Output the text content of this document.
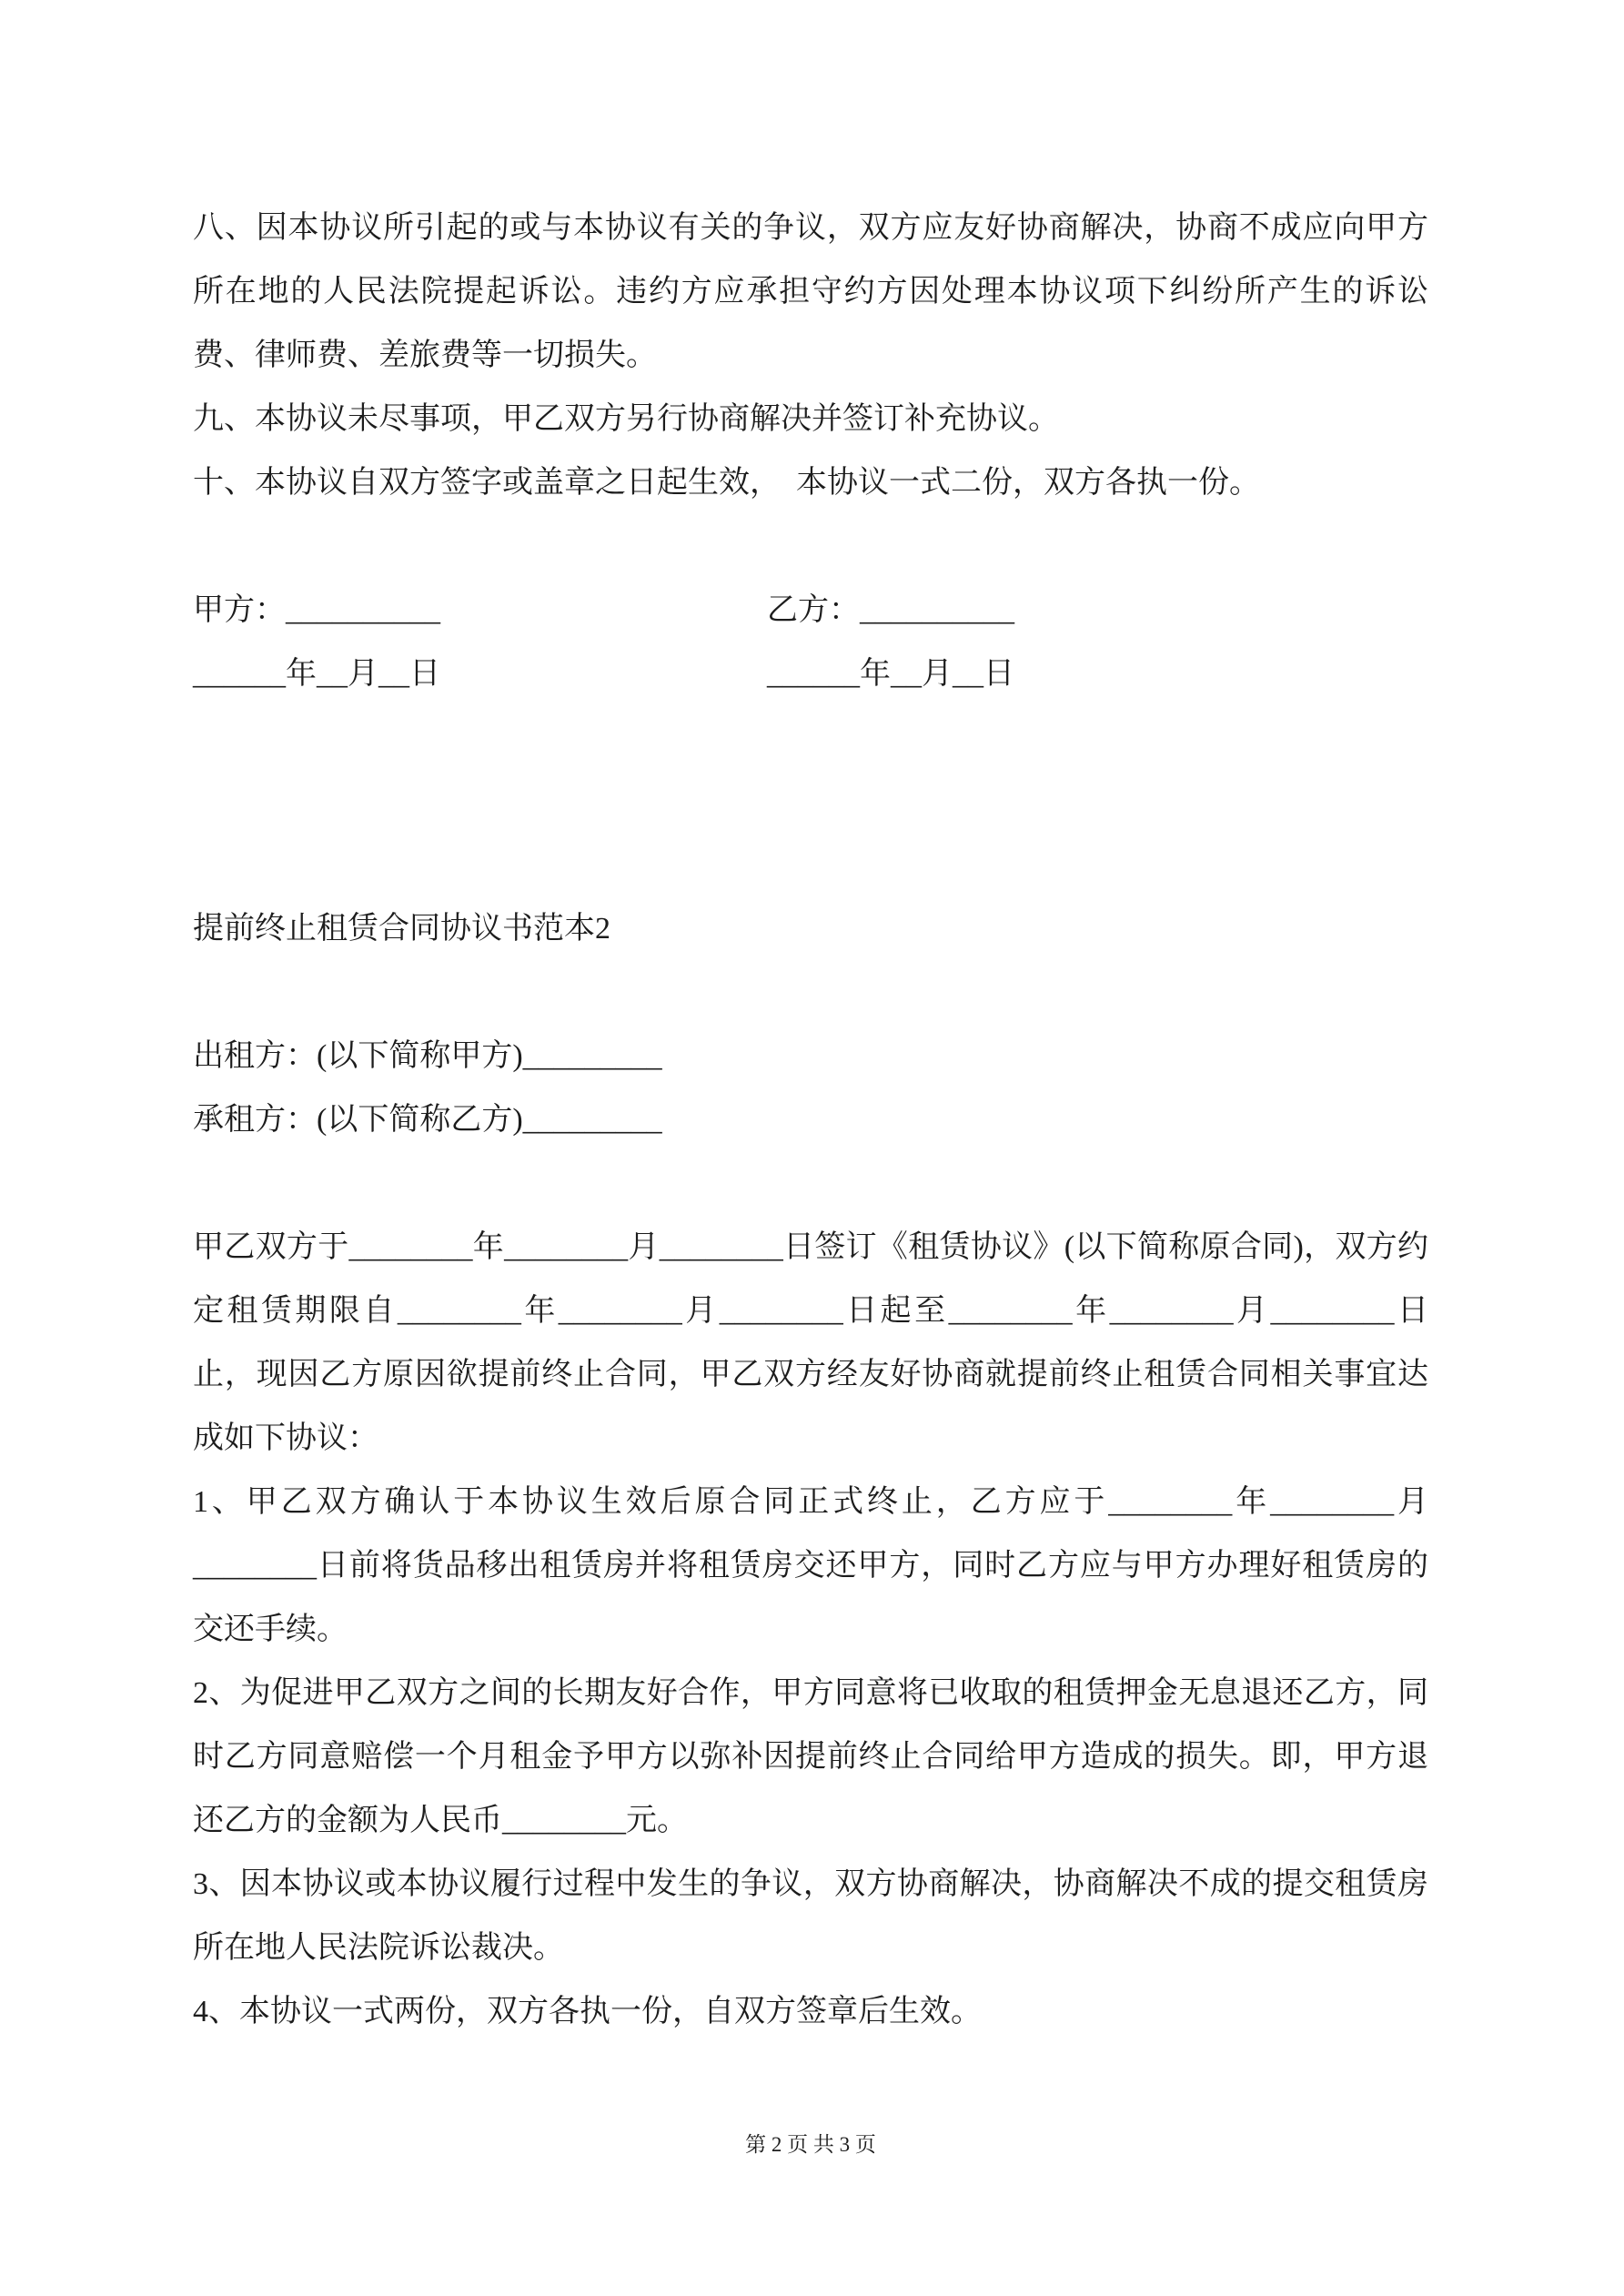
八、因本协议所引起的或与本协议有关的争议，双方应友好协商解决，协商不成应向甲方所在地的人民法院提起诉讼。违约方应承担守约方因处理本协议项下纠纷所产生的诉讼费、律师费、差旅费等一切损失。

九、本协议未尽事项，甲乙双方另行协商解决并签订补充协议。

十、本协议自双方签字或盖章之日起生效，　本协议一式二份，双方各执一份。

甲方：__________	乙方：__________
______年__月__日	______年__月__日
提前终止租赁合同协议书范本2

出租方：(以下简称甲方)_________

承租方：(以下简称乙方)_________

甲乙双方于________年________月________日签订《租赁协议》(以下简称原合同)，双方约定租赁期限自________年________月________日起至________年________月________日止，现因乙方原因欲提前终止合同，甲乙双方经友好协商就提前终止租赁合同相关事宜达成如下协议：

1、甲乙双方确认于本协议生效后原合同正式终止，乙方应于________年________月________日前将货品移出租赁房并将租赁房交还甲方，同时乙方应与甲方办理好租赁房的交还手续。

2、为促进甲乙双方之间的长期友好合作，甲方同意将已收取的租赁押金无息退还乙方，同时乙方同意赔偿一个月租金予甲方以弥补因提前终止合同给甲方造成的损失。即，甲方退还乙方的金额为人民币________元。

3、因本协议或本协议履行过程中发生的争议，双方协商解决，协商解决不成的提交租赁房所在地人民法院诉讼裁决。

4、本协议一式两份，双方各执一份，自双方签章后生效。

第 2 页 共 3 页
